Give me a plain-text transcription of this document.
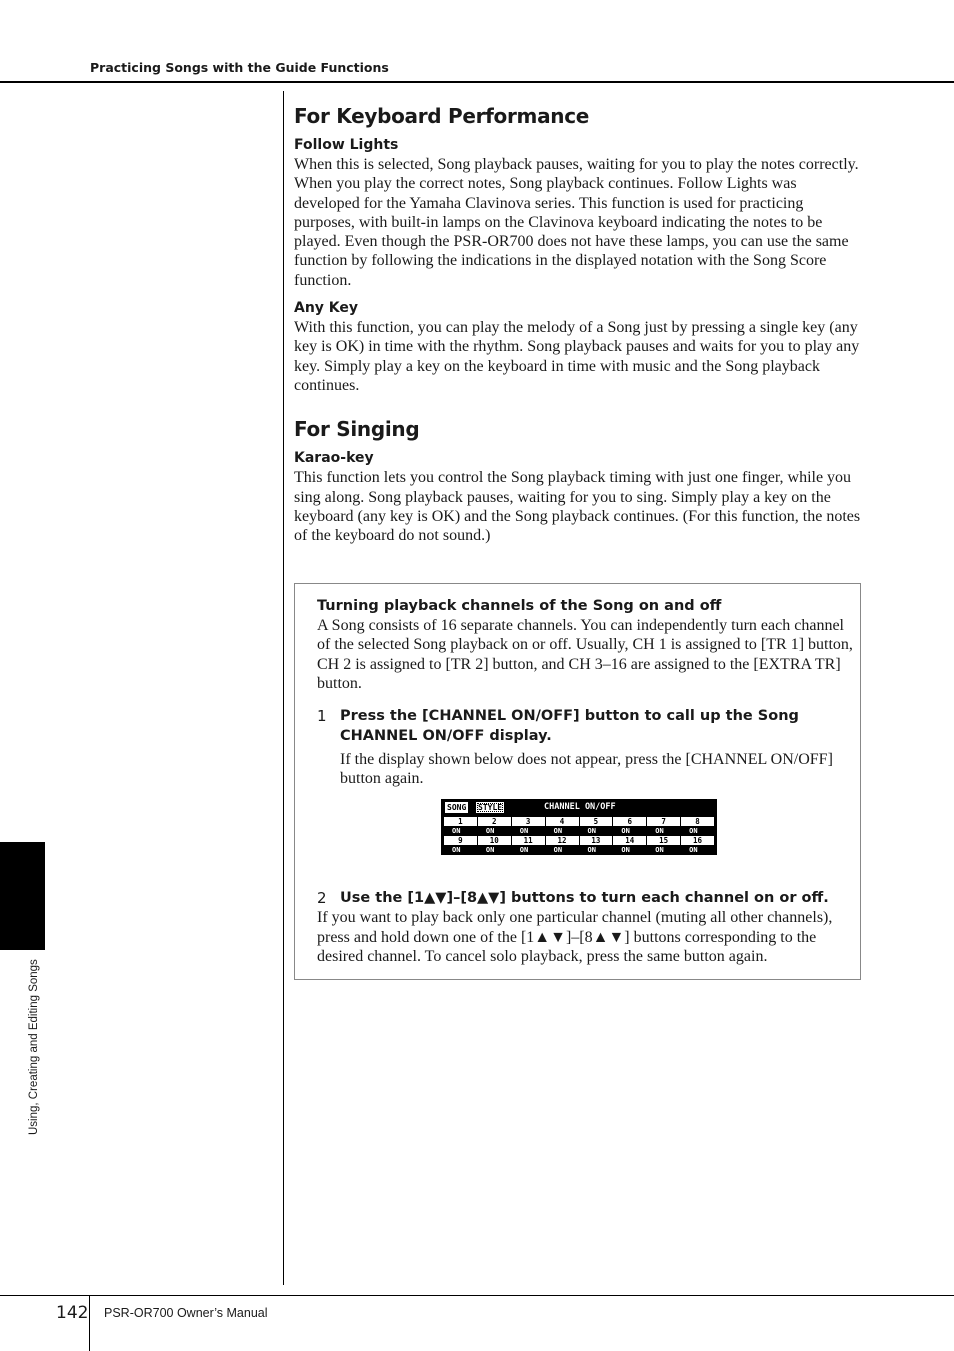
Practicing Songs with the Guide Functions
Using, Creating and Editing Songs
For Keyboard Performance
Follow Lights
When this is selected, Song playback pauses, waiting for you to play the notes correctly. When you play the correct notes, Song playback continues. Follow Lights was developed for the Yamaha Clavinova series. This function is used for practicing purposes, with built-in lamps on the Clavinova keyboard indicating the notes to be played. Even though the PSR-OR700 does not have these lamps, you can use the same function by following the indications in the displayed notation with the Song Score function.
Any Key
With this function, you can play the melody of a Song just by pressing a single key (any key is OK) in time with the rhythm. Song playback pauses and waits for you to play any key. Simply play a key on the keyboard in time with music and the Song playback continues.
For Singing
Karao-key
This function lets you control the Song playback timing with just one finger, while you sing along. Song playback pauses, waiting for you to sing. Simply play a key on the keyboard (any key is OK) and the Song playback continues. (For this function, the notes of the keyboard do not sound.)
Turning playback channels of the Song on and off
A Song consists of 16 separate channels. You can independently turn each channel of the selected Song playback on or off. Usually, CH 1 is assigned to [TR 1] button, CH 2 is assigned to [TR 2] button, and CH 3–16 are assigned to the [EXTRA TR] button.
1 Press the [CHANNEL ON/OFF] button to call up the Song CHANNEL ON/OFF display.
If the display shown below does not appear, press the [CHANNEL ON/OFF] button again.
2 Use the [1▲▼]–[8▲▼] buttons to turn each channel on or off.
If you want to play back only one particular channel (muting all other channels), press and hold down one of the [1▲▼]–[8▲▼] buttons corresponding to the desired channel. To cancel solo playback, press the same button again.
SONG STYLE	CHANNEL ON/OFF
1	2	3	4	5	6	7	8
ON	ON	ON	ON	ON	ON	ON	ON
9	10	11	12	13	14	15	16
ON	ON	ON	ON	ON	ON	ON	ON
142 PSR-OR700 Owner’s Manual
